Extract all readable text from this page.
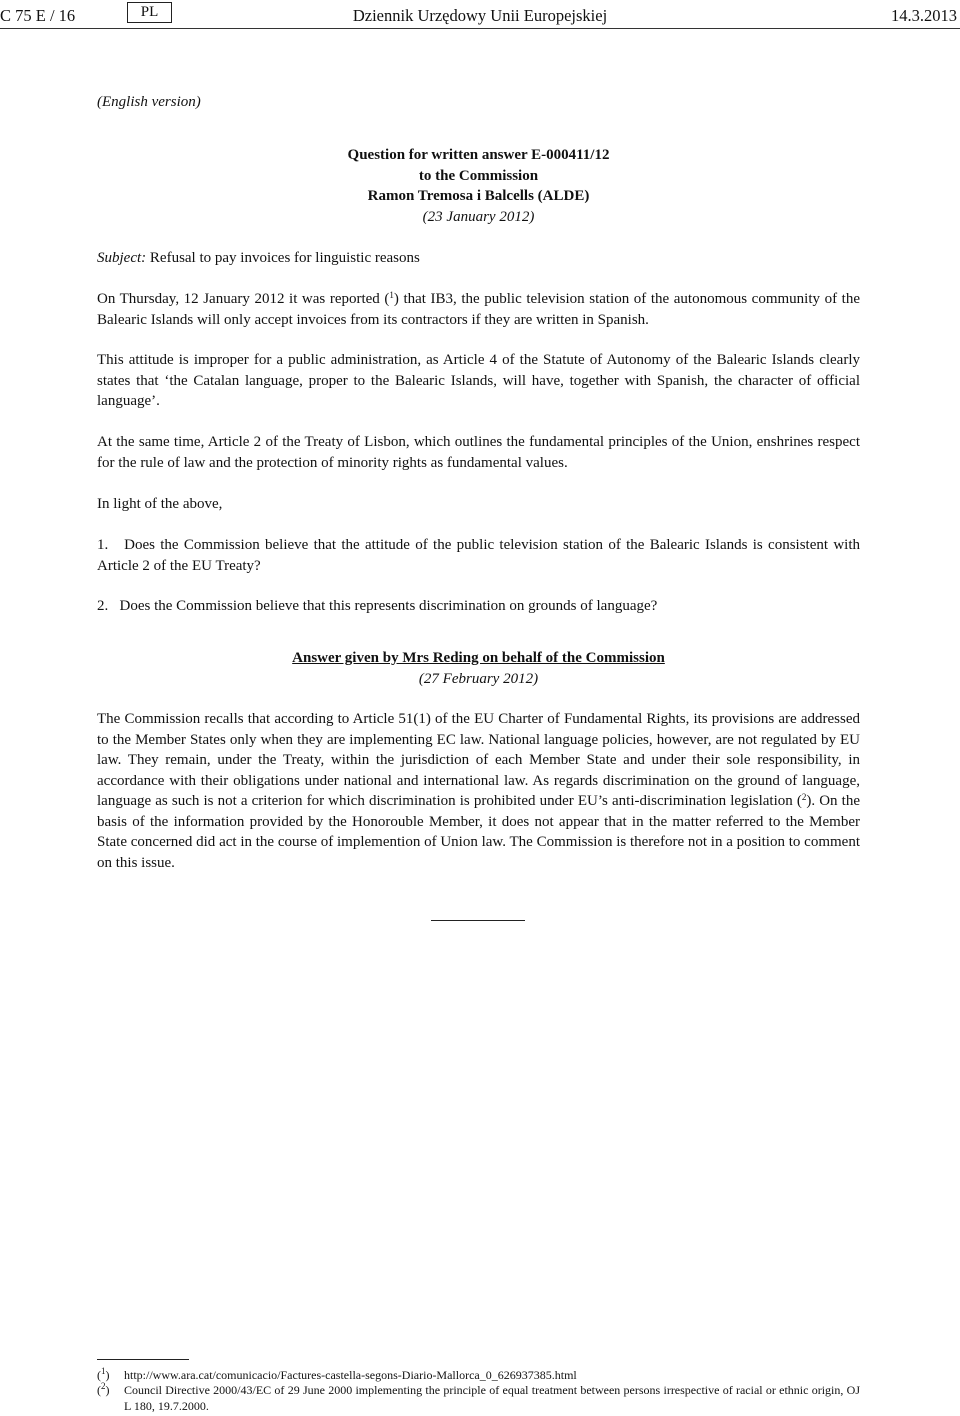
C 75 E / 16	PL	Dziennik Urzędowy Unii Europejskiej	14.3.2013
(English version)
Question for written answer E-000411/12
to the Commission
Ramon Tremosa i Balcells (ALDE)
(23 January 2012)
Subject: Refusal to pay invoices for linguistic reasons
On Thursday, 12 January 2012 it was reported ($^1$) that IB3, the public television station of the autonomous community of the Balearic Islands will only accept invoices from its contractors if they are written in Spanish.
This attitude is improper for a public administration, as Article 4 of the Statute of Autonomy of the Balearic Islands clearly states that ‘the Catalan language, proper to the Balearic Islands, will have, together with Spanish, the character of official language’.
At the same time, Article 2 of the Treaty of Lisbon, which outlines the fundamental principles of the Union, enshrines respect for the rule of law and the protection of minority rights as fundamental values.
In light of the above,
1. Does the Commission believe that the attitude of the public television station of the Balearic Islands is consistent with Article 2 of the EU Treaty?
2. Does the Commission believe that this represents discrimination on grounds of language?
Answer given by Mrs Reding on behalf of the Commission
(27 February 2012)
The Commission recalls that according to Article 51(1) of the EU Charter of Fundamental Rights, its provisions are addressed to the Member States only when they are implementing EC law. National language policies, however, are not regulated by EU law. They remain, under the Treaty, within the jurisdiction of each Member State and under their sole responsibility, in accordance with their obligations under national and international law. As regards discrimination on the ground of language, language as such is not a criterion for which discrimination is prohibited under EU’s anti-discrimination legislation ($^2$). On the basis of the information provided by the Honorouble Member, it does not appear that in the matter referred to the Member State concerned did act in the course of implemention of Union law. The Commission is therefore not in a position to comment on this issue.
($^1$) http://www.ara.cat/comunicacio/Factures-castella-segons-Diario-Mallorca_0_626937385.html
($^2$) Council Directive 2000/43/EC of 29 June 2000 implementing the principle of equal treatment between persons irrespective of racial or ethnic origin, OJ L 180, 19.7.2000.
